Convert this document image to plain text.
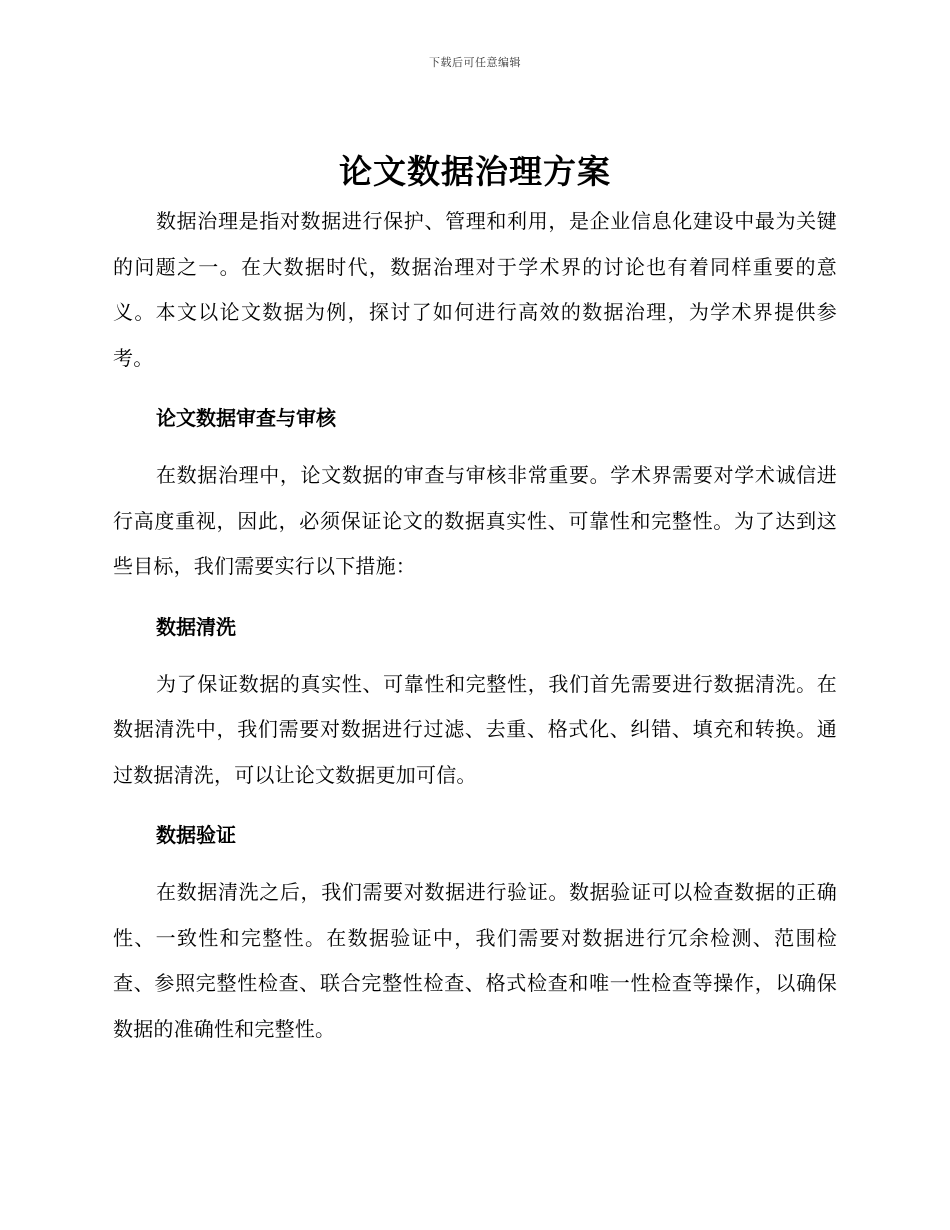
下载后可任意编辑
论文数据治理方案

数据治理是指对数据进行保护、管理和利用，是企业信息化建设中最为关键的问题之一。在大数据时代，数据治理对于学术界的讨论也有着同样重要的意义。本文以论文数据为例，探讨了如何进行高效的数据治理，为学术界提供参考。

论文数据审查与审核

在数据治理中，论文数据的审查与审核非常重要。学术界需要对学术诚信进行高度重视，因此，必须保证论文的数据真实性、可靠性和完整性。为了达到这些目标，我们需要实行以下措施：

数据清洗

为了保证数据的真实性、可靠性和完整性，我们首先需要进行数据清洗。在数据清洗中，我们需要对数据进行过滤、去重、格式化、纠错、填充和转换。通过数据清洗，可以让论文数据更加可信。

数据验证

在数据清洗之后，我们需要对数据进行验证。数据验证可以检查数据的正确性、一致性和完整性。在数据验证中，我们需要对数据进行冗余检测、范围检查、参照完整性检查、联合完整性检查、格式检查和唯一性检查等操作，以确保数据的准确性和完整性。
